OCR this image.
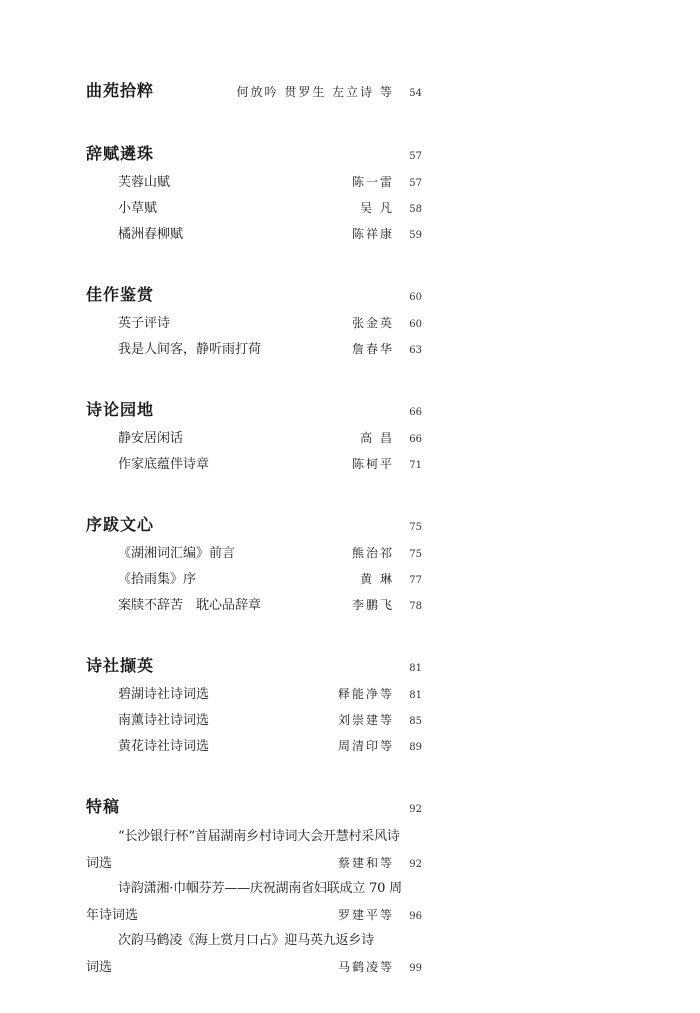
曲苑拾粹	何放吟 贯罗生 左立诗 等	54
辞赋遴珠	57
芙蓉山赋	陈一雷	57
小草赋	吴 凡	58
橘洲春柳赋	陈祥康	59
佳作鉴赏	60
英子评诗	张金英	60
我是人间客，静听雨打荷	詹春华	63
诗论园地	66
静安居闲话	高 昌	66
作家底蕴伴诗章	陈柯平	71
序跋文心	75
《湖湘词汇编》前言	熊治祁	75
《拾雨集》序	黄 琳	77
案牍不辞苦　耽心品辞章	李鹏飞	78
诗社撷英	81
碧湖诗社诗词选	释能净等	81
南薰诗社诗词选	刘崇建等	85
黄花诗社诗词选	周清印等	89
特稿	92
“长沙银行杯”首届湖南乡村诗词大会开慧村采风诗
词选	蔡建和等	92
诗韵潇湘·巾帼芬芳——庆祝湖南省妇联成立 70 周
年诗词选	罗建平等	96
次韵马鹤凌《海上赏月口占》迎马英九返乡诗
词选	马鹤凌等	99
